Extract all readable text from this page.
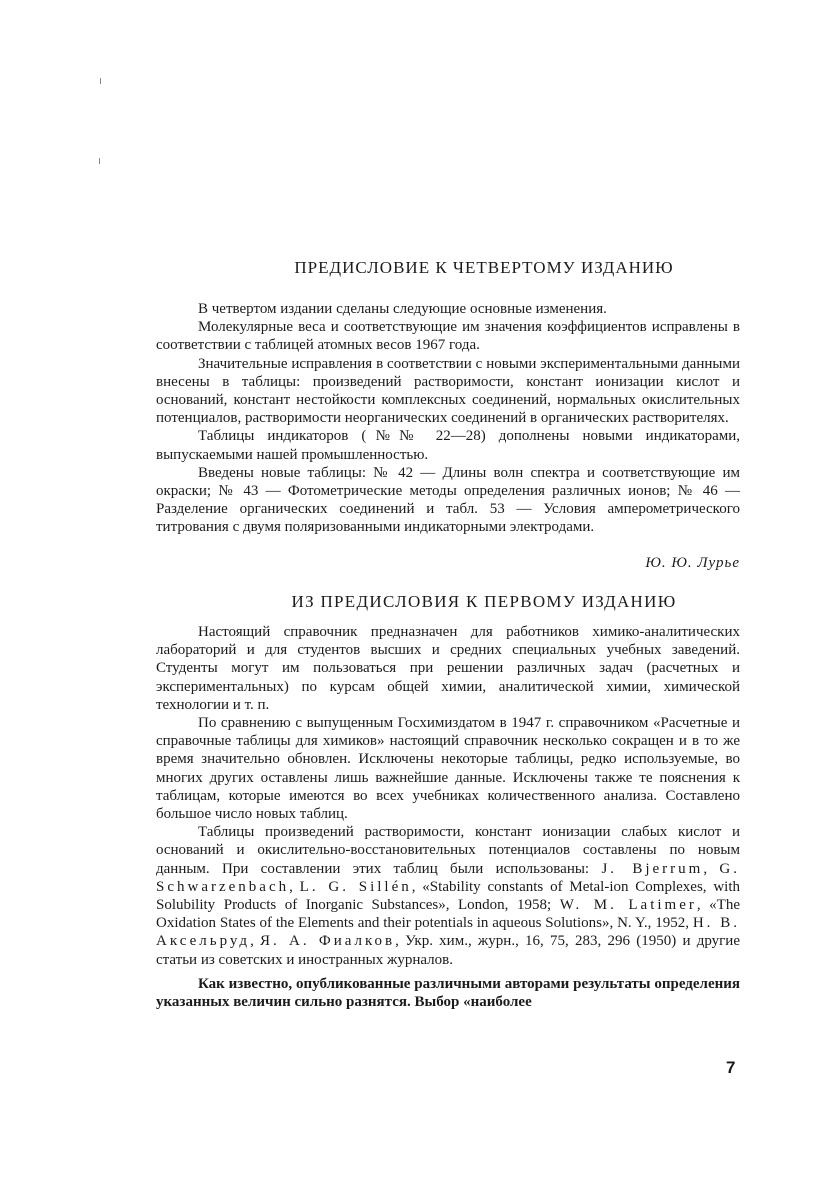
ПРЕДИСЛОВИЕ К ЧЕТВЕРТОМУ ИЗДАНИЮ

В четвертом издании сделаны следующие основные изменения.

Молекулярные веса и соответствующие им значения коэффициентов исправлены в соответствии с таблицей атомных весов 1967 года.

Значительные исправления в соответствии с новыми экспериментальными данными внесены в таблицы: произведений растворимости, констант ионизации кислот и оснований, констант нестойкости комплексных соединений, нормальных окислительных потенциалов, растворимости неорганических соединений в органических растворителях.

Таблицы индикаторов (№№ 22—28) дополнены новыми индикаторами, выпускаемыми нашей промышленностью.

Введены новые таблицы: № 42 — Длины волн спектра и соответствующие им окраски; № 43 — Фотометрические методы определения различных ионов; № 46 — Разделение органических соединений и табл. 53 — Условия амперометрического титрования с двумя поляризованными индикаторными электродами.

Ю. Ю. Лурье
ИЗ ПРЕДИСЛОВИЯ К ПЕРВОМУ ИЗДАНИЮ

Настоящий справочник предназначен для работников химико-аналитических лабораторий и для студентов высших и средних специальных учебных заведений. Студенты могут им пользоваться при решении различных задач (расчетных и экспериментальных) по курсам общей химии, аналитической химии, химической технологии и т. п.

По сравнению с выпущенным Госхимиздатом в 1947 г. справочником «Расчетные и справочные таблицы для химиков» настоящий справочник несколько сокращен и в то же время значительно обновлен. Исключены некоторые таблицы, редко используемые, во многих других оставлены лишь важнейшие данные. Исключены также те пояснения к таблицам, которые имеются во всех учебниках количественного анализа. Составлено большое число новых таблиц.

Таблицы произведений растворимости, констант ионизации слабых кислот и оснований и окислительно-восстановительных потенциалов составлены по новым данным. При составлении этих таблиц были использованы: J. Bjerrum, G. Schwarzenbach, L. G. Sillén, «Stability constants of Metal-ion Complexes, with Solubility Products of Inorganic Substances», London, 1958; W. M. Latimer, «The Oxidation States of the Elements and their potentials in aqueous Solutions», N. Y., 1952, Н. В. Аксельруд, Я. А. Фиалков, Укр. хим., журн., 16, 75, 283, 296 (1950) и другие статьи из советских и иностранных журналов.

Как известно, опубликованные различными авторами результаты определения указанных величин сильно разнятся. Выбор «наиболее

7
